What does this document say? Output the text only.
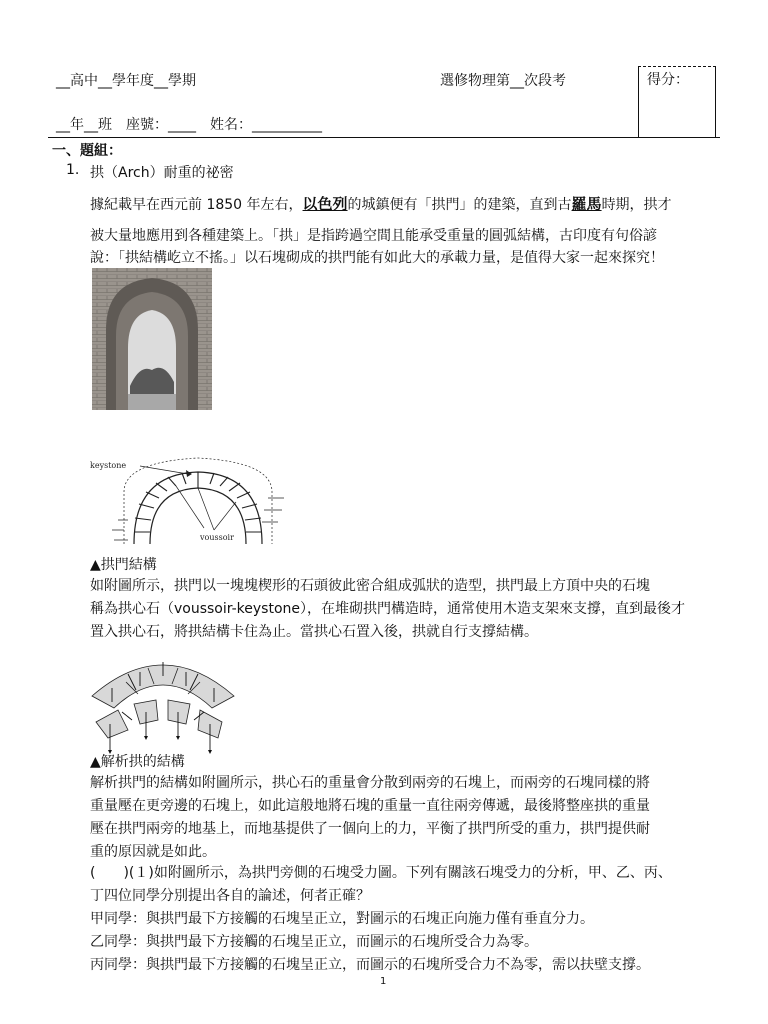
__高中__學年度__學期	選修物理第__次段考
__年__班　座號：____　姓名：__________
得分：
一、題組：
1. 拱（Arch）耐重的祕密
據紀載早在西元前 1850 年左右，以色列的城鎮便有「拱門」的建築，直到古羅馬時期，拱才
被大量地應用到各種建築上。「拱」是指跨過空間且能承受重量的圓弧結構，古印度有句俗諺
說：「拱結構屹立不搖。」以石塊砌成的拱門能有如此大的承載力量，是值得大家一起來探究！
keystone
voussoir
▲拱門結構
如附圖所示，拱門以一塊塊楔形的石頭彼此密合組成弧狀的造型，拱門最上方頂中央的石塊
稱為拱心石（voussoir-keystone），在堆砌拱門構造時，通常使用木造支架來支撐，直到最後才
置入拱心石，將拱結構卡住為止。當拱心石置入後，拱就自行支撐結構。
▲解析拱的結構
解析拱門的結構如附圖所示，拱心石的重量會分散到兩旁的石塊上，而兩旁的石塊同樣的將
重量壓在更旁邊的石塊上，如此這般地將石塊的重量一直往兩旁傳遞，最後將整座拱的重量
壓在拱門兩旁的地基上，而地基提供了一個向上的力，平衡了拱門所受的重力，拱門提供耐
重的原因就是如此。
(　　)(１)如附圖所示，為拱門旁側的石塊受力圖。下列有關該石塊受力的分析，甲、乙、丙、
丁四位同學分別提出各自的論述，何者正確？
甲同學：與拱門最下方接觸的石塊呈正立，對圖示的石塊正向施力僅有垂直分力。
乙同學：與拱門最下方接觸的石塊呈正立，而圖示的石塊所受合力為零。
丙同學：與拱門最下方接觸的石塊呈正立，而圖示的石塊所受合力不為零，需以扶壁支撐。
1
